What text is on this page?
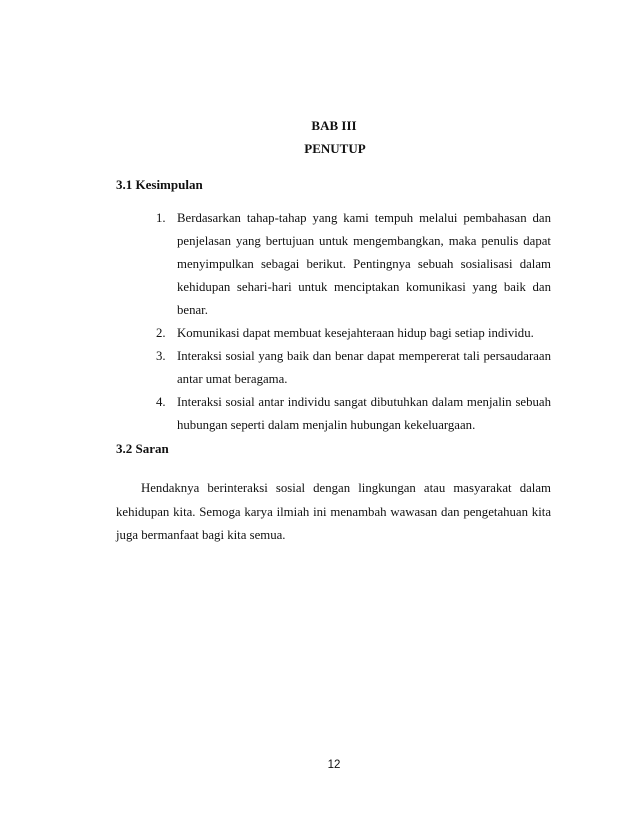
BAB III
PENUTUP
3.1 Kesimpulan
1. Berdasarkan tahap-tahap yang kami tempuh melalui pembahasan dan penjelasan yang bertujuan untuk mengembangkan, maka penulis dapat menyimpulkan sebagai berikut. Pentingnya sebuah sosialisasi dalam kehidupan sehari-hari untuk menciptakan komunikasi yang baik dan benar.
2. Komunikasi dapat membuat kesejahteraan hidup bagi setiap individu.
3. Interaksi sosial yang baik dan benar dapat mempererat tali persaudaraan antar umat beragama.
4. Interaksi sosial antar individu sangat dibutuhkan dalam menjalin sebuah hubungan seperti dalam menjalin hubungan kekeluargaan.
3.2 Saran

Hendaknya berinteraksi sosial dengan lingkungan atau masyarakat dalam kehidupan kita. Semoga karya ilmiah ini menambah wawasan dan pengetahuan kita juga bermanfaat bagi kita semua.

12
